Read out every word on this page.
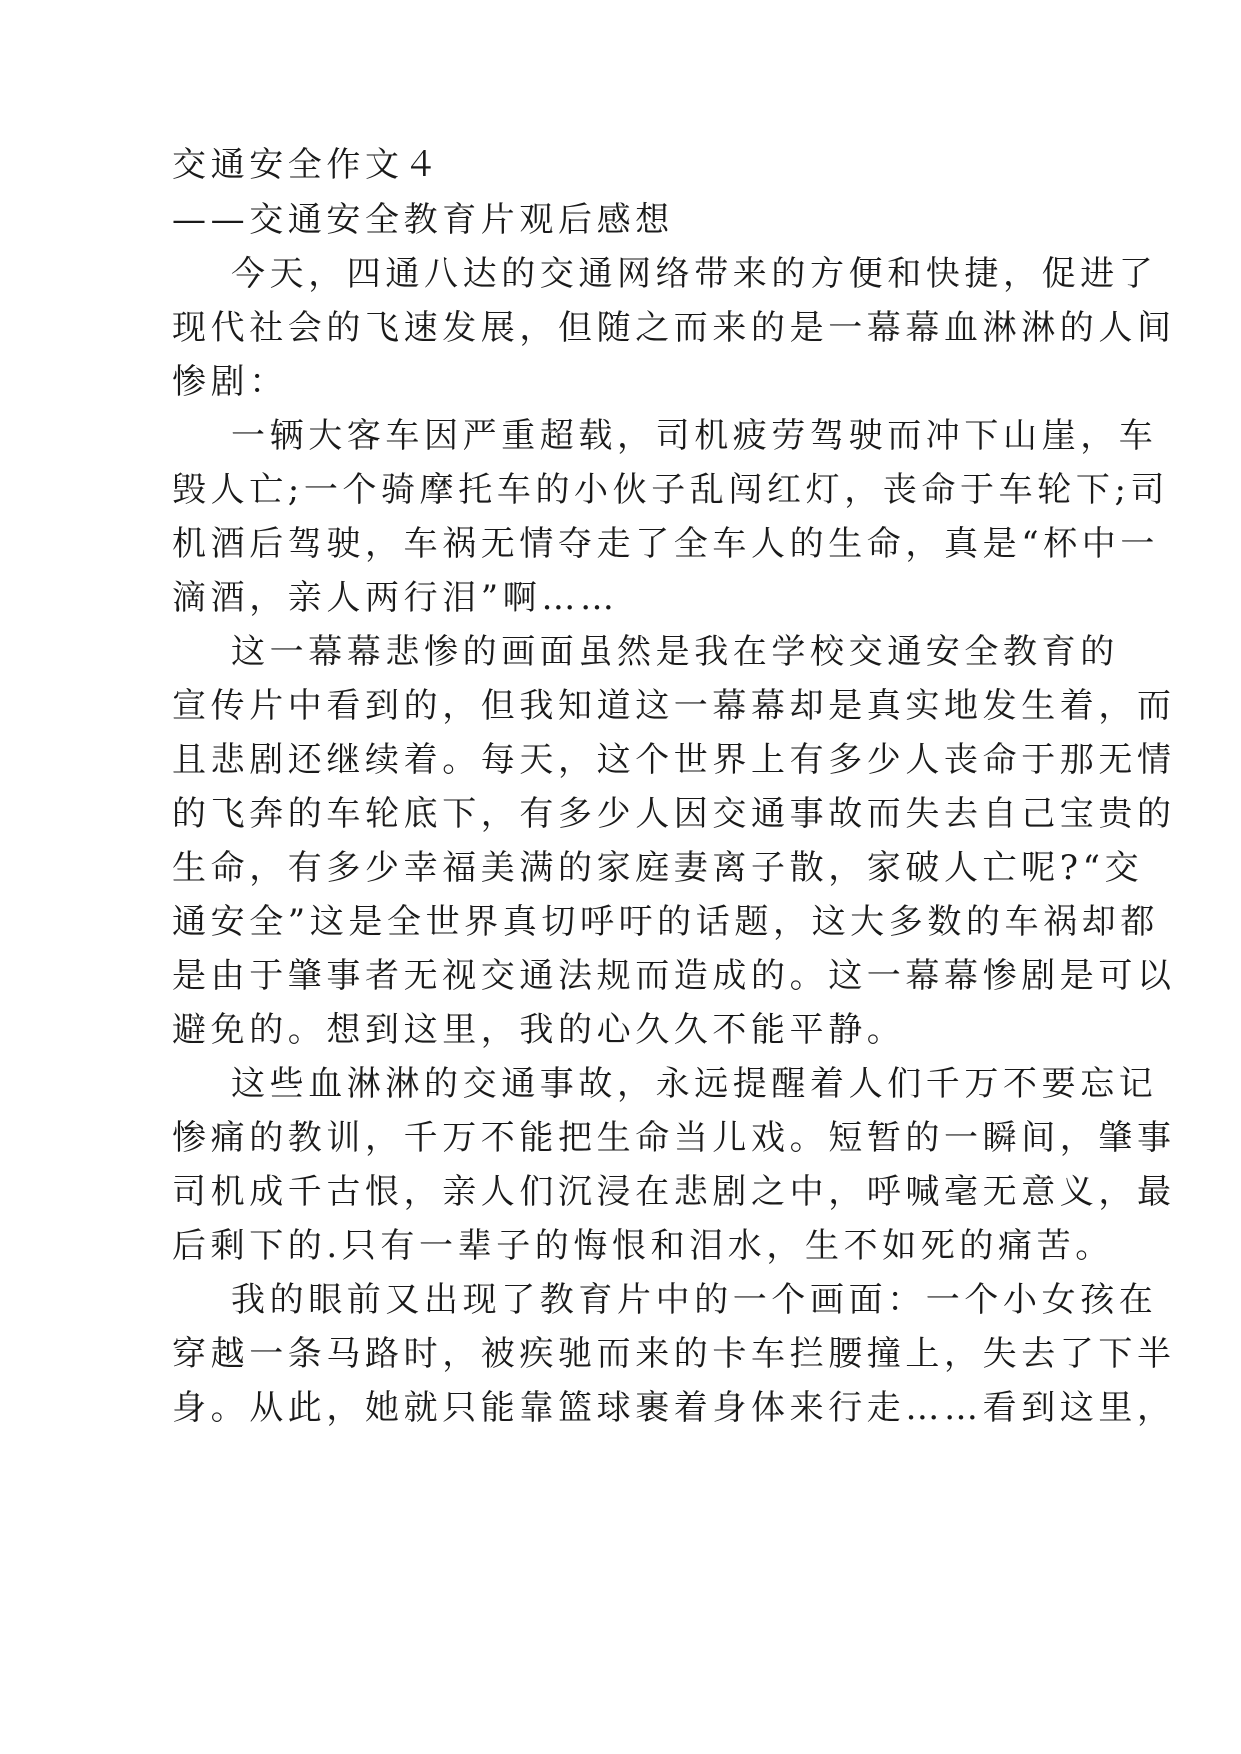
交通安全作文４

——交通安全教育片观后感想

今天，四通八达的交通网络带来的方便和快捷，促进了

现代社会的飞速发展，但随之而来的是一幕幕血淋淋的人间

惨剧：

一辆大客车因严重超载，司机疲劳驾驶而冲下山崖，车

毁人亡;一个骑摩托车的小伙子乱闯红灯，丧命于车轮下;司

机酒后驾驶，车祸无情夺走了全车人的生命，真是“杯中一

滴酒，亲人两行泪”啊……

这一幕幕悲惨的画面虽然是我在学校交通安全教育的

宣传片中看到的，但我知道这一幕幕却是真实地发生着，而

且悲剧还继续着。每天，这个世界上有多少人丧命于那无情

的飞奔的车轮底下，有多少人因交通事故而失去自己宝贵的

生命，有多少幸福美满的家庭妻离子散，家破人亡呢?“交

通安全”这是全世界真切呼吁的话题，这大多数的车祸却都

是由于肇事者无视交通法规而造成的。这一幕幕惨剧是可以

避免的。想到这里，我的心久久不能平静。

这些血淋淋的交通事故，永远提醒着人们千万不要忘记

惨痛的教训，千万不能把生命当儿戏。短暂的一瞬间，肇事

司机成千古恨，亲人们沉浸在悲剧之中，呼喊毫无意义，最

后剩下的.只有一辈子的悔恨和泪水，生不如死的痛苦。

我的眼前又出现了教育片中的一个画面：一个小女孩在

穿越一条马路时，被疾驰而来的卡车拦腰撞上，失去了下半

身。从此，她就只能靠篮球裹着身体来行走……看到这里，
